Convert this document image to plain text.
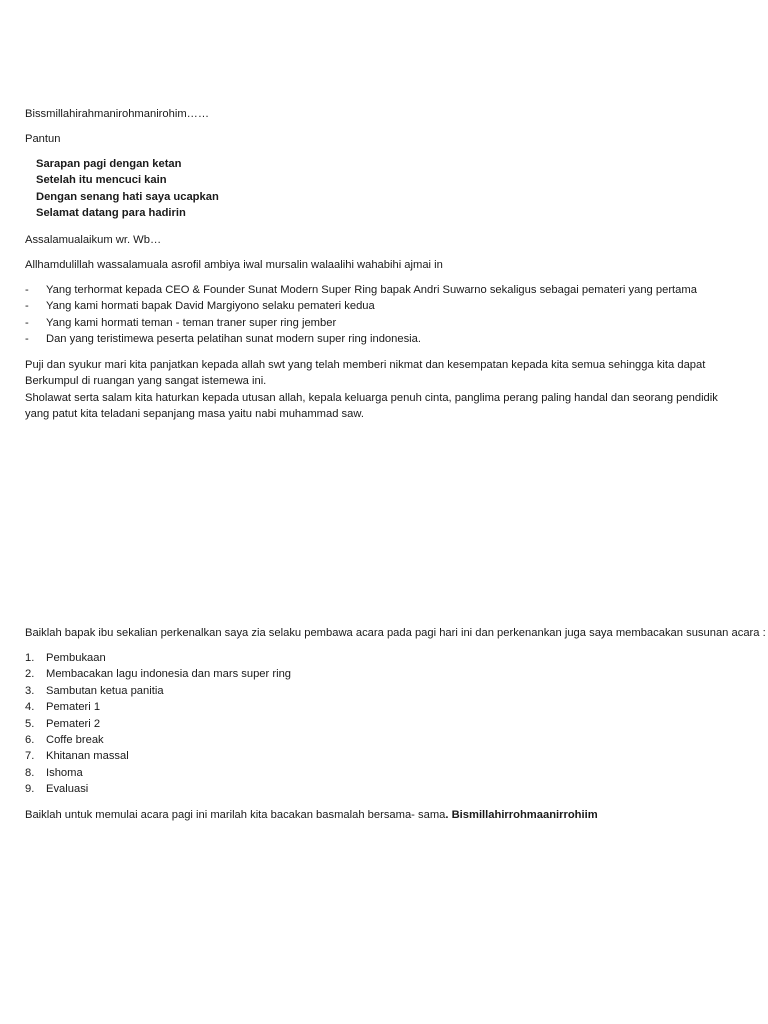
Bissmillahirahmanirohmanirohim……
Pantun
Sarapan pagi dengan ketan
Setelah itu mencuci kain
Dengan senang hati saya ucapkan
Selamat datang para hadirin
Assalamualaikum wr. Wb…
Allhamdulillah wassalamuala asrofil ambiya iwal mursalin walaalihi wahabihi ajmai in
-	Yang terhormat kepada CEO & Founder Sunat Modern Super Ring bapak Andri Suwarno sekaligus sebagai pemateri yang pertama
-	Yang kami hormati bapak David Margiyono selaku pemateri kedua
-	Yang kami hormati teman - teman traner super ring jember
-	Dan yang teristimewa peserta pelatihan sunat modern super ring indonesia.
Puji dan syukur mari kita panjatkan kepada allah swt yang telah memberi nikmat dan kesempatan kepada kita semua sehingga kita dapat
Berkumpul di ruangan yang sangat istemewa ini.
Sholawat serta salam kita haturkan kepada utusan allah, kepala keluarga penuh cinta, panglima perang paling handal dan seorang pendidik
yang patut kita teladani sepanjang masa yaitu nabi muhammad saw.
Baiklah bapak ibu sekalian perkenalkan saya zia selaku pembawa acara pada pagi hari ini dan perkenankan juga saya membacakan susunan acara :
1.	Pembukaan
2.	Membacakan lagu indonesia dan mars super ring
3.	Sambutan ketua panitia
4.	Pemateri 1
5.	Pemateri 2
6.	Coffe break
7.	Khitanan massal
8.	Ishoma
9.	Evaluasi
Baiklah untuk memulai acara pagi ini marilah kita bacakan basmalah bersama- sama. Bismillahirrohmaanirrohiim
